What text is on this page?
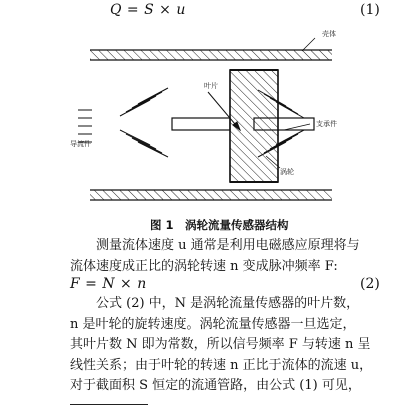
Q = S × u	(1)
壳体
叶片
支承件
导流件
涡轮
图 1　涡轮流量传感器结构
测量流体速度 u 通常是利用电磁感应原理将与
流体速度成正比的涡轮转速 n 变成脉冲频率 F:
F = N × n	(2)
公式 (2) 中，N 是涡轮流量传感器的叶片数，
n 是叶轮的旋转速度。涡轮流量传感器一旦选定，
其叶片数 N 即为常数，所以信号频率 F 与转速 n 呈
线性关系；由于叶轮的转速 n 正比于流体的流速 u，
对于截面积 S 恒定的流通管路，由公式 (1) 可见，
